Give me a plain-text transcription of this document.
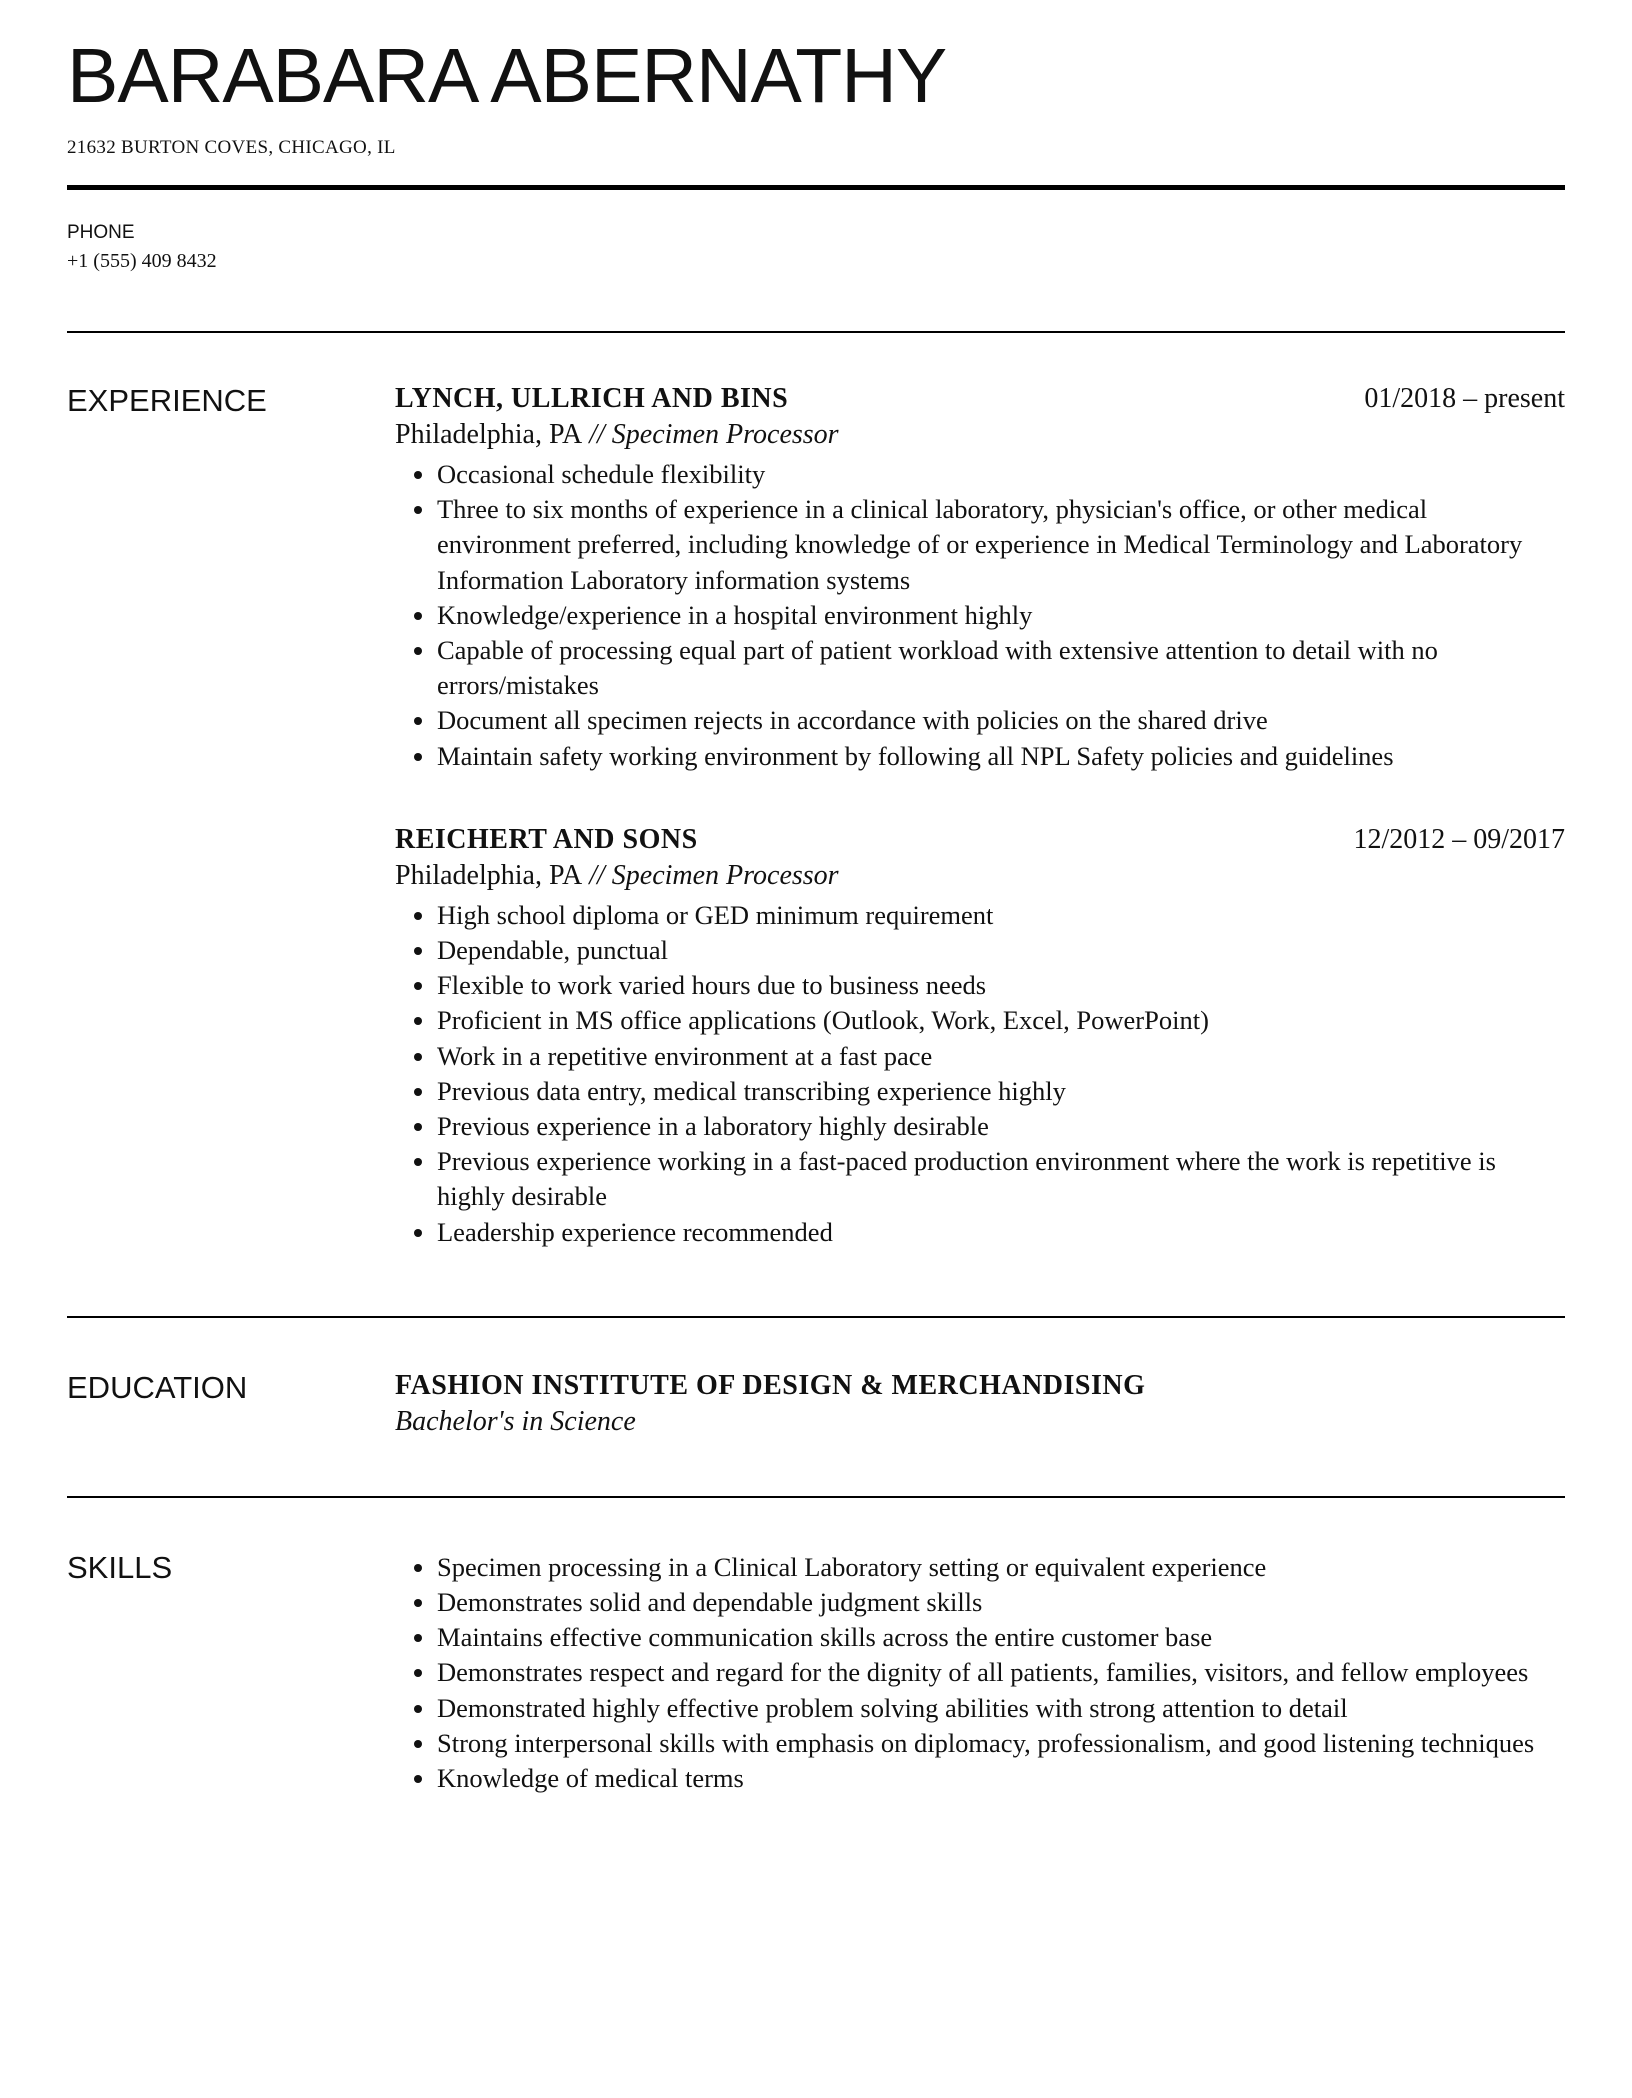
BARABARA ABERNATHY
21632 BURTON COVES, CHICAGO, IL
PHONE
+1 (555) 409 8432
EXPERIENCE	LYNCH, ULLRICH AND BINS	01/2018 – present
Philadelphia, PA // Specimen Processor
• Occasional schedule flexibility
• Three to six months of experience in a clinical laboratory, physician's office, or other medical environment preferred, including knowledge of or experience in Medical Terminology and Laboratory Information Laboratory information systems
• Knowledge/experience in a hospital environment highly
• Capable of processing equal part of patient workload with extensive attention to detail with no errors/mistakes
• Document all specimen rejects in accordance with policies on the shared drive
• Maintain safety working environment by following all NPL Safety policies and guidelines
REICHERT AND SONS	12/2012 – 09/2017
Philadelphia, PA // Specimen Processor
• High school diploma or GED minimum requirement
• Dependable, punctual
• Flexible to work varied hours due to business needs
• Proficient in MS office applications (Outlook, Work, Excel, PowerPoint)
• Work in a repetitive environment at a fast pace
• Previous data entry, medical transcribing experience highly
• Previous experience in a laboratory highly desirable
• Previous experience working in a fast-paced production environment where the work is repetitive is highly desirable
• Leadership experience recommended
EDUCATION	FASHION INSTITUTE OF DESIGN & MERCHANDISING
Bachelor's in Science
SKILLS	• Specimen processing in a Clinical Laboratory setting or equivalent experience
• Demonstrates solid and dependable judgment skills
• Maintains effective communication skills across the entire customer base
• Demonstrates respect and regard for the dignity of all patients, families, visitors, and fellow employees
• Demonstrated highly effective problem solving abilities with strong attention to detail
• Strong interpersonal skills with emphasis on diplomacy, professionalism, and good listening techniques
• Knowledge of medical terms
